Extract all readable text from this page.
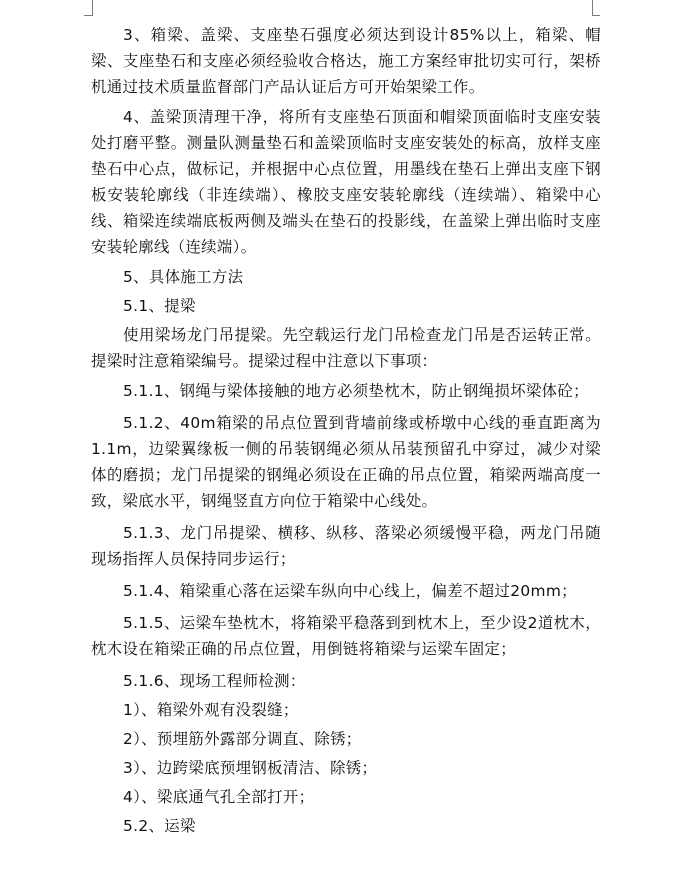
3、箱梁、盖梁、支座垫石强度必须达到设计85%以上，箱梁、帽梁、支座垫石和支座必须经验收合格达，施工方案经审批切实可行，架桥机通过技术质量监督部门产品认证后方可开始架梁工作。

4、盖梁顶清理干净，将所有支座垫石顶面和帽梁顶面临时支座安装处打磨平整。测量队测量垫石和盖梁顶临时支座安装处的标高，放样支座垫石中心点，做标记，并根据中心点位置，用墨线在垫石上弹出支座下钢板安装轮廓线（非连续端）、橡胶支座安装轮廓线（连续端）、箱梁中心线、箱梁连续端底板两侧及端头在垫石的投影线，在盖梁上弹出临时支座安装轮廓线（连续端）。

5、具体施工方法

5.1、提梁

使用梁场龙门吊提梁。先空载运行龙门吊检查龙门吊是否运转正常。提梁时注意箱梁编号。提梁过程中注意以下事项：

5.1.1、钢绳与梁体接触的地方必须垫枕木，防止钢绳损坏梁体砼；

5.1.2、40m箱梁的吊点位置到背墙前缘或桥墩中心线的垂直距离为1.1m，边梁翼缘板一侧的吊装钢绳必须从吊装预留孔中穿过，减少对梁体的磨损；龙门吊提梁的钢绳必须设在正确的吊点位置，箱梁两端高度一致，梁底水平，钢绳竖直方向位于箱梁中心线处。

5.1.3、龙门吊提梁、横移、纵移、落梁必须缓慢平稳，两龙门吊随现场指挥人员保持同步运行；

5.1.4、箱梁重心落在运梁车纵向中心线上，偏差不超过20mm；

5.1.5、运梁车垫枕木，将箱梁平稳落到到枕木上，至少设2道枕木，枕木设在箱梁正确的吊点位置，用倒链将箱梁与运梁车固定；

5.1.6、现场工程师检测：

1）、箱梁外观有没裂缝；

2）、预埋筋外露部分调直、除锈；

3）、边跨梁底预埋钢板清洁、除锈；

4）、梁底通气孔全部打开；

5.2、运梁
